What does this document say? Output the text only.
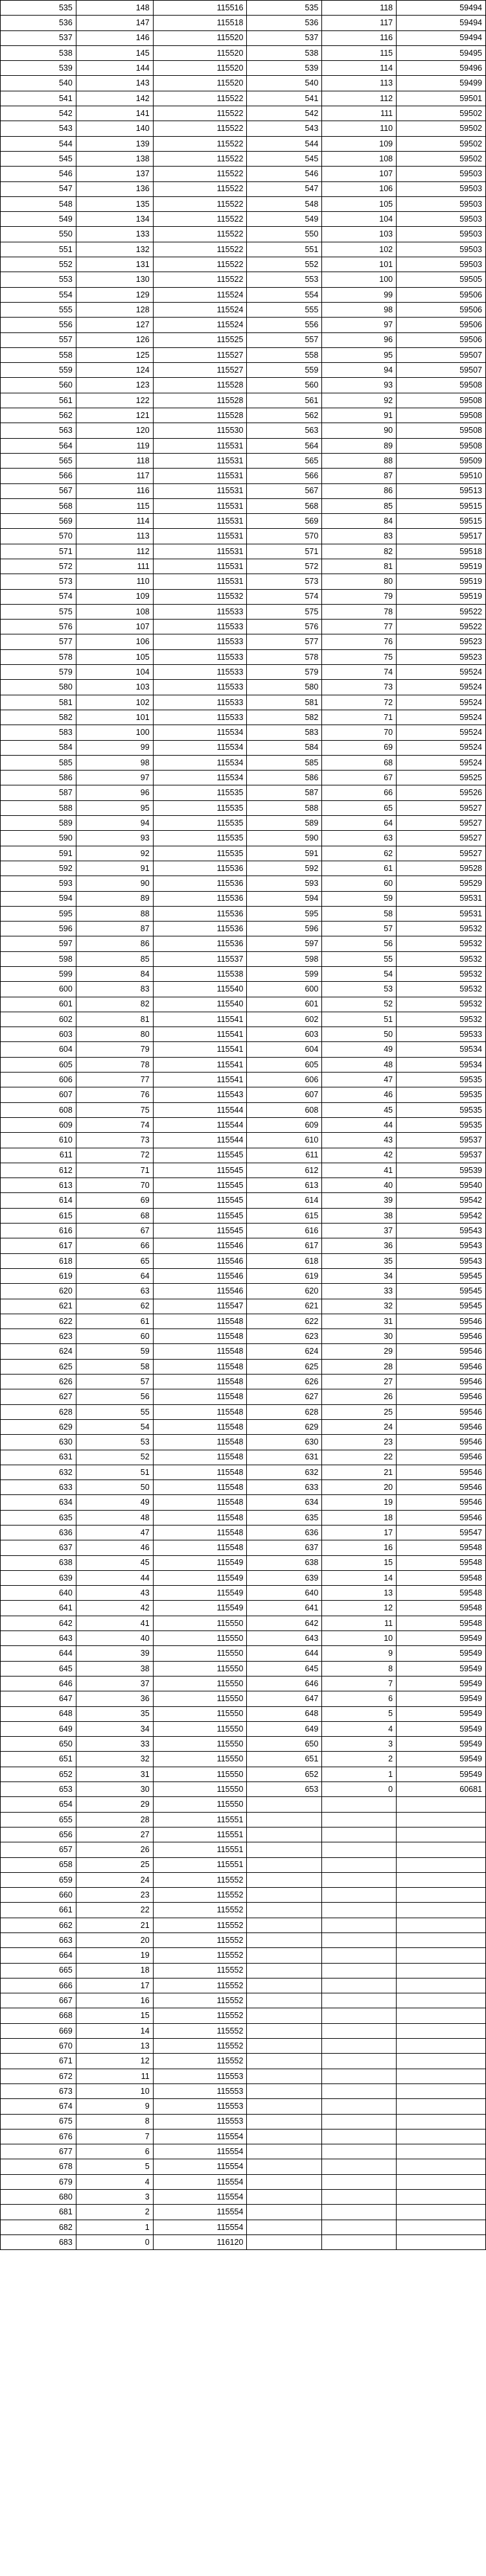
535	148	115516	535	118	59494
536	147	115518	536	117	59494
537	146	115520	537	116	59494
538	145	115520	538	115	59495
539	144	115520	539	114	59496
540	143	115520	540	113	59499
541	142	115522	541	112	59501
542	141	115522	542	111	59502
543	140	115522	543	110	59502
544	139	115522	544	109	59502
545	138	115522	545	108	59502
546	137	115522	546	107	59503
547	136	115522	547	106	59503
548	135	115522	548	105	59503
549	134	115522	549	104	59503
550	133	115522	550	103	59503
551	132	115522	551	102	59503
552	131	115522	552	101	59503
553	130	115522	553	100	59505
554	129	115524	554	99	59506
555	128	115524	555	98	59506
556	127	115524	556	97	59506
557	126	115525	557	96	59506
558	125	115527	558	95	59507
559	124	115527	559	94	59507
560	123	115528	560	93	59508
561	122	115528	561	92	59508
562	121	115528	562	91	59508
563	120	115530	563	90	59508
564	119	115531	564	89	59508
565	118	115531	565	88	59509
566	117	115531	566	87	59510
567	116	115531	567	86	59513
568	115	115531	568	85	59515
569	114	115531	569	84	59515
570	113	115531	570	83	59517
571	112	115531	571	82	59518
572	111	115531	572	81	59519
573	110	115531	573	80	59519
574	109	115532	574	79	59519
575	108	115533	575	78	59522
576	107	115533	576	77	59522
577	106	115533	577	76	59523
578	105	115533	578	75	59523
579	104	115533	579	74	59524
580	103	115533	580	73	59524
581	102	115533	581	72	59524
582	101	115533	582	71	59524
583	100	115534	583	70	59524
584	99	115534	584	69	59524
585	98	115534	585	68	59524
586	97	115534	586	67	59525
587	96	115535	587	66	59526
588	95	115535	588	65	59527
589	94	115535	589	64	59527
590	93	115535	590	63	59527
591	92	115535	591	62	59527
592	91	115536	592	61	59528
593	90	115536	593	60	59529
594	89	115536	594	59	59531
595	88	115536	595	58	59531
596	87	115536	596	57	59532
597	86	115536	597	56	59532
598	85	115537	598	55	59532
599	84	115538	599	54	59532
600	83	115540	600	53	59532
601	82	115540	601	52	59532
602	81	115541	602	51	59532
603	80	115541	603	50	59533
604	79	115541	604	49	59534
605	78	115541	605	48	59534
606	77	115541	606	47	59535
607	76	115543	607	46	59535
608	75	115544	608	45	59535
609	74	115544	609	44	59535
610	73	115544	610	43	59537
611	72	115545	611	42	59537
612	71	115545	612	41	59539
613	70	115545	613	40	59540
614	69	115545	614	39	59542
615	68	115545	615	38	59542
616	67	115545	616	37	59543
617	66	115546	617	36	59543
618	65	115546	618	35	59543
619	64	115546	619	34	59545
620	63	115546	620	33	59545
621	62	115547	621	32	59545
622	61	115548	622	31	59546
623	60	115548	623	30	59546
624	59	115548	624	29	59546
625	58	115548	625	28	59546
626	57	115548	626	27	59546
627	56	115548	627	26	59546
628	55	115548	628	25	59546
629	54	115548	629	24	59546
630	53	115548	630	23	59546
631	52	115548	631	22	59546
632	51	115548	632	21	59546
633	50	115548	633	20	59546
634	49	115548	634	19	59546
635	48	115548	635	18	59546
636	47	115548	636	17	59547
637	46	115548	637	16	59548
638	45	115549	638	15	59548
639	44	115549	639	14	59548
640	43	115549	640	13	59548
641	42	115549	641	12	59548
642	41	115550	642	11	59548
643	40	115550	643	10	59549
644	39	115550	644	9	59549
645	38	115550	645	8	59549
646	37	115550	646	7	59549
647	36	115550	647	6	59549
648	35	115550	648	5	59549
649	34	115550	649	4	59549
650	33	115550	650	3	59549
651	32	115550	651	2	59549
652	31	115550	652	1	59549
653	30	115550	653	0	60681
654	29	115550			
655	28	115551			
656	27	115551			
657	26	115551			
658	25	115551			
659	24	115552			
660	23	115552			
661	22	115552			
662	21	115552			
663	20	115552			
664	19	115552			
665	18	115552			
666	17	115552			
667	16	115552			
668	15	115552			
669	14	115552			
670	13	115552			
671	12	115552			
672	11	115553			
673	10	115553			
674	9	115553			
675	8	115553			
676	7	115554			
677	6	115554			
678	5	115554			
679	4	115554			
680	3	115554			
681	2	115554			
682	1	115554			
683	0	116120			
